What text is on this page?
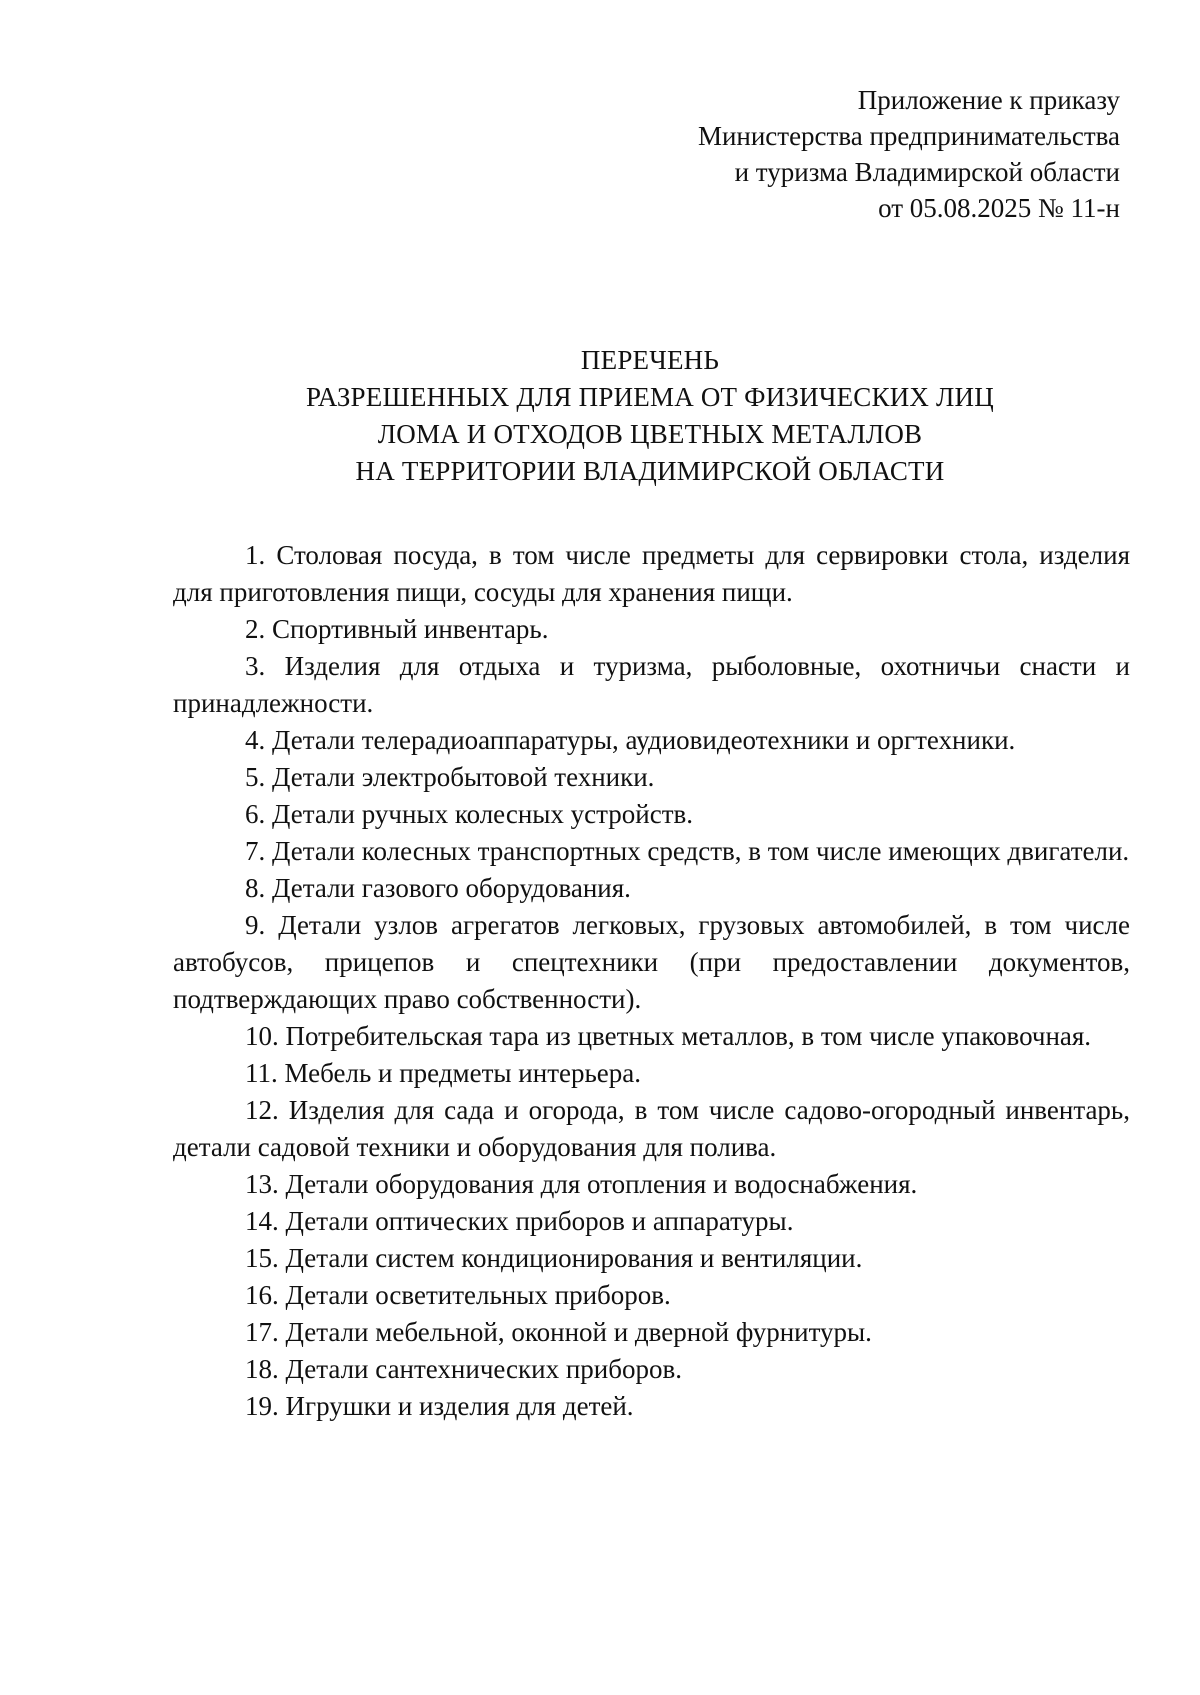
Приложение к приказу
Министерства предпринимательства
и туризма Владимирской области
от 05.08.2025 № 11-н
ПЕРЕЧЕНЬ
РАЗРЕШЕННЫХ ДЛЯ ПРИЕМА ОТ ФИЗИЧЕСКИХ ЛИЦ
ЛОМА И ОТХОДОВ ЦВЕТНЫХ МЕТАЛЛОВ
НА ТЕРРИТОРИИ ВЛАДИМИРСКОЙ ОБЛАСТИ

1. Столовая посуда, в том числе предметы для сервировки стола, изделия для приготовления пищи, сосуды для хранения пищи.

2. Спортивный инвентарь.

3. Изделия для отдыха и туризма, рыболовные, охотничьи снасти и принадлежности.

4. Детали телерадиоаппаратуры, аудиовидеотехники и оргтехники.

5. Детали электробытовой техники.

6. Детали ручных колесных устройств.

7. Детали колесных транспортных средств, в том числе имеющих двигатели.

8. Детали газового оборудования.

9. Детали узлов агрегатов легковых, грузовых автомобилей, в том числе автобусов, прицепов и спецтехники (при предоставлении документов, подтверждающих право собственности).

10. Потребительская тара из цветных металлов, в том числе упаковочная.

11. Мебель и предметы интерьера.

12. Изделия для сада и огорода, в том числе садово-огородный инвентарь, детали садовой техники и оборудования для полива.

13. Детали оборудования для отопления и водоснабжения.

14. Детали оптических приборов и аппаратуры.

15. Детали систем кондиционирования и вентиляции.

16. Детали осветительных приборов.

17. Детали мебельной, оконной и дверной фурнитуры.

18. Детали сантехнических приборов.

19. Игрушки и изделия для детей.
